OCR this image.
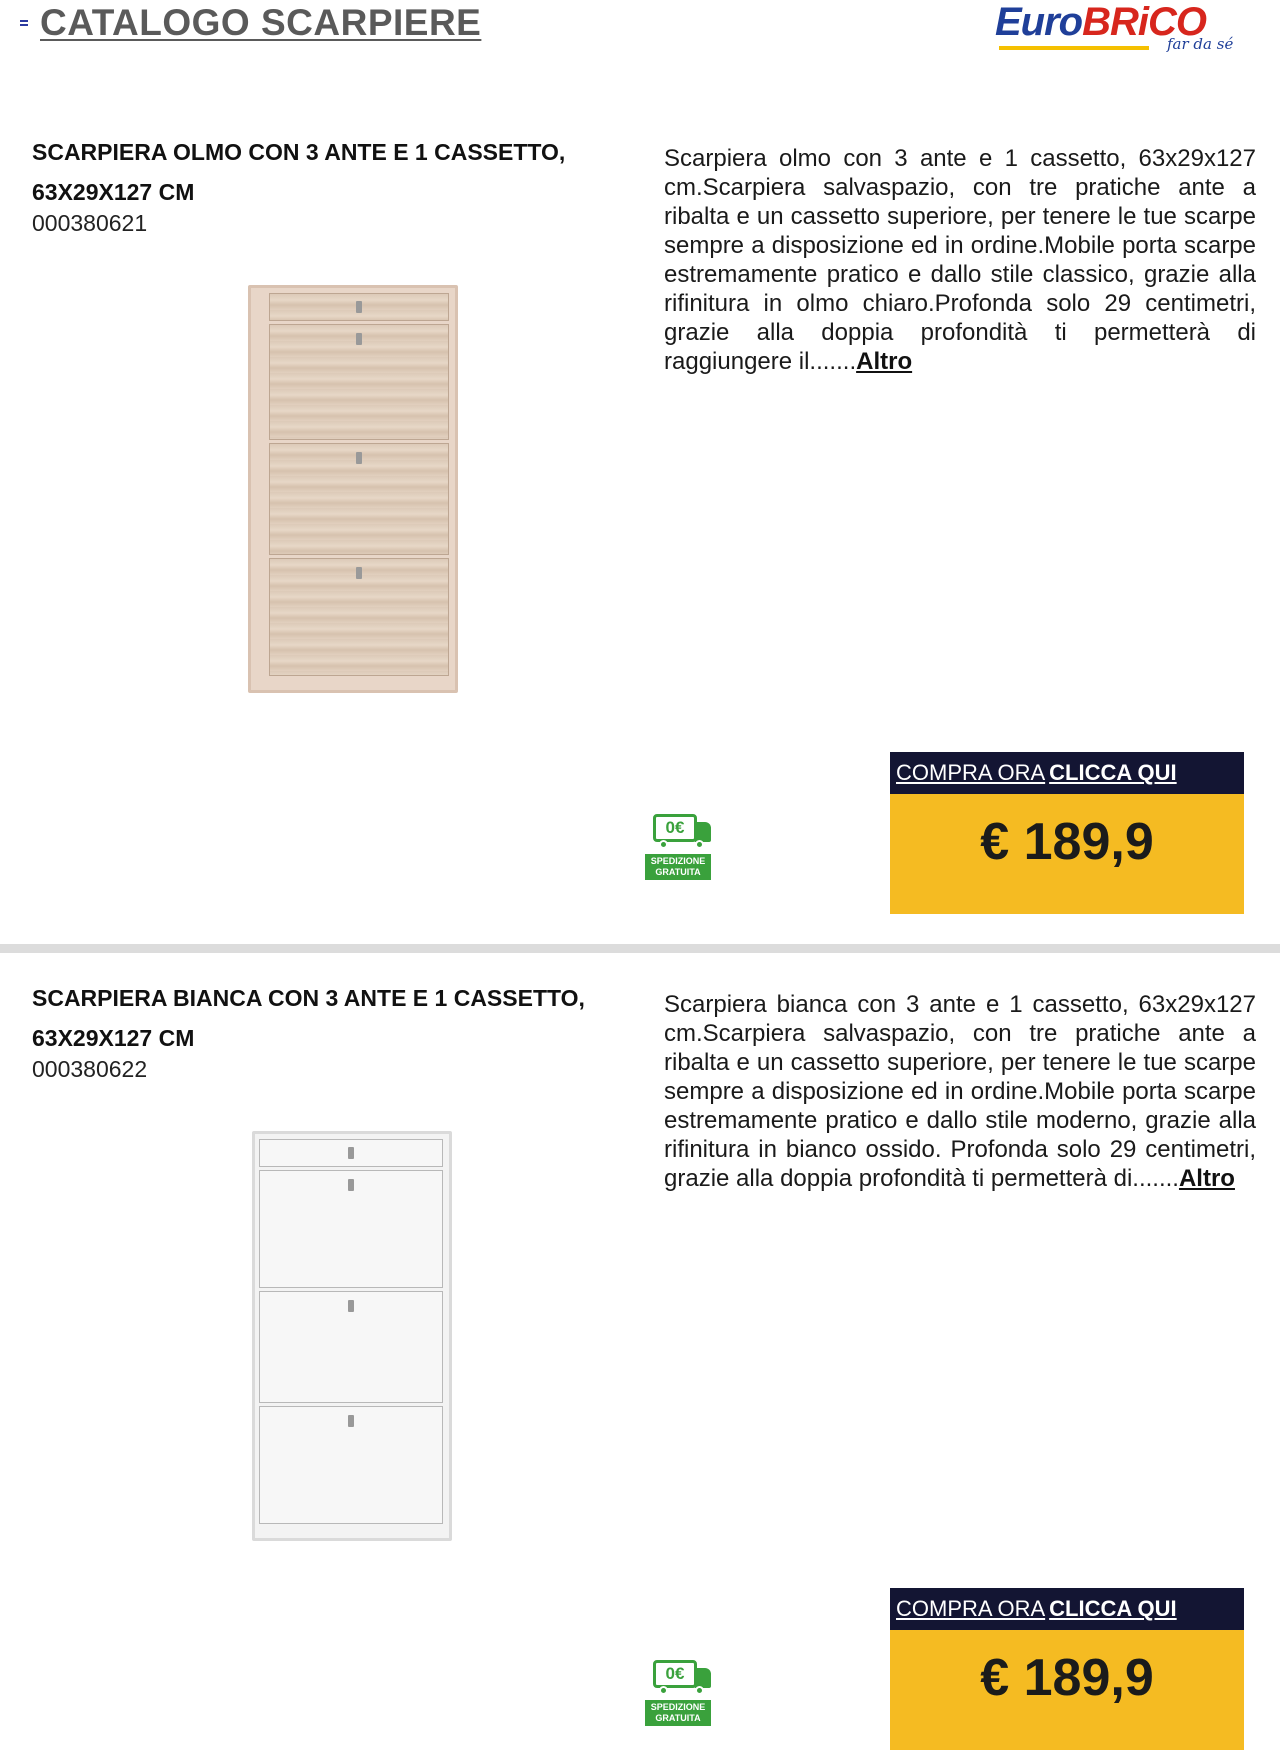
CATALOGO SCARPIERE	EuroBRiCO
far da sé
SCARPIERA OLMO CON 3 ANTE E 1 CASSETTO, 63X29X127 CM
000380621
Scarpiera olmo con 3 ante e 1 cassetto, 63x29x127 cm.Scarpiera salvaspazio, con tre pratiche ante a ribalta e un cassetto superiore, per tenere le tue scarpe sempre a disposizione ed in ordine.Mobile porta scarpe estremamente pratico e dallo stile classico, grazie alla rifinitura in olmo chiaro.Profonda solo 29 centimetri, grazie alla doppia profondità ti permetterà di raggiungere il.......Altro
0€
SPEDIZIONE GRATUITA
COMPRA ORA CLICCA QUI
€ 189,9
SCARPIERA BIANCA CON 3 ANTE E 1 CASSETTO, 63X29X127 CM
000380622
Scarpiera bianca con 3 ante e 1 cassetto, 63x29x127 cm.Scarpiera salvaspazio, con tre pratiche ante a ribalta e un cassetto superiore, per tenere le tue scarpe sempre a disposizione ed in ordine.Mobile porta scarpe estremamente pratico e dallo stile moderno, grazie alla rifinitura in bianco ossido. Profonda solo 29 centimetri, grazie alla doppia profondità ti permetterà di.......Altro
0€
SPEDIZIONE GRATUITA
COMPRA ORA CLICCA QUI
€ 189,9
